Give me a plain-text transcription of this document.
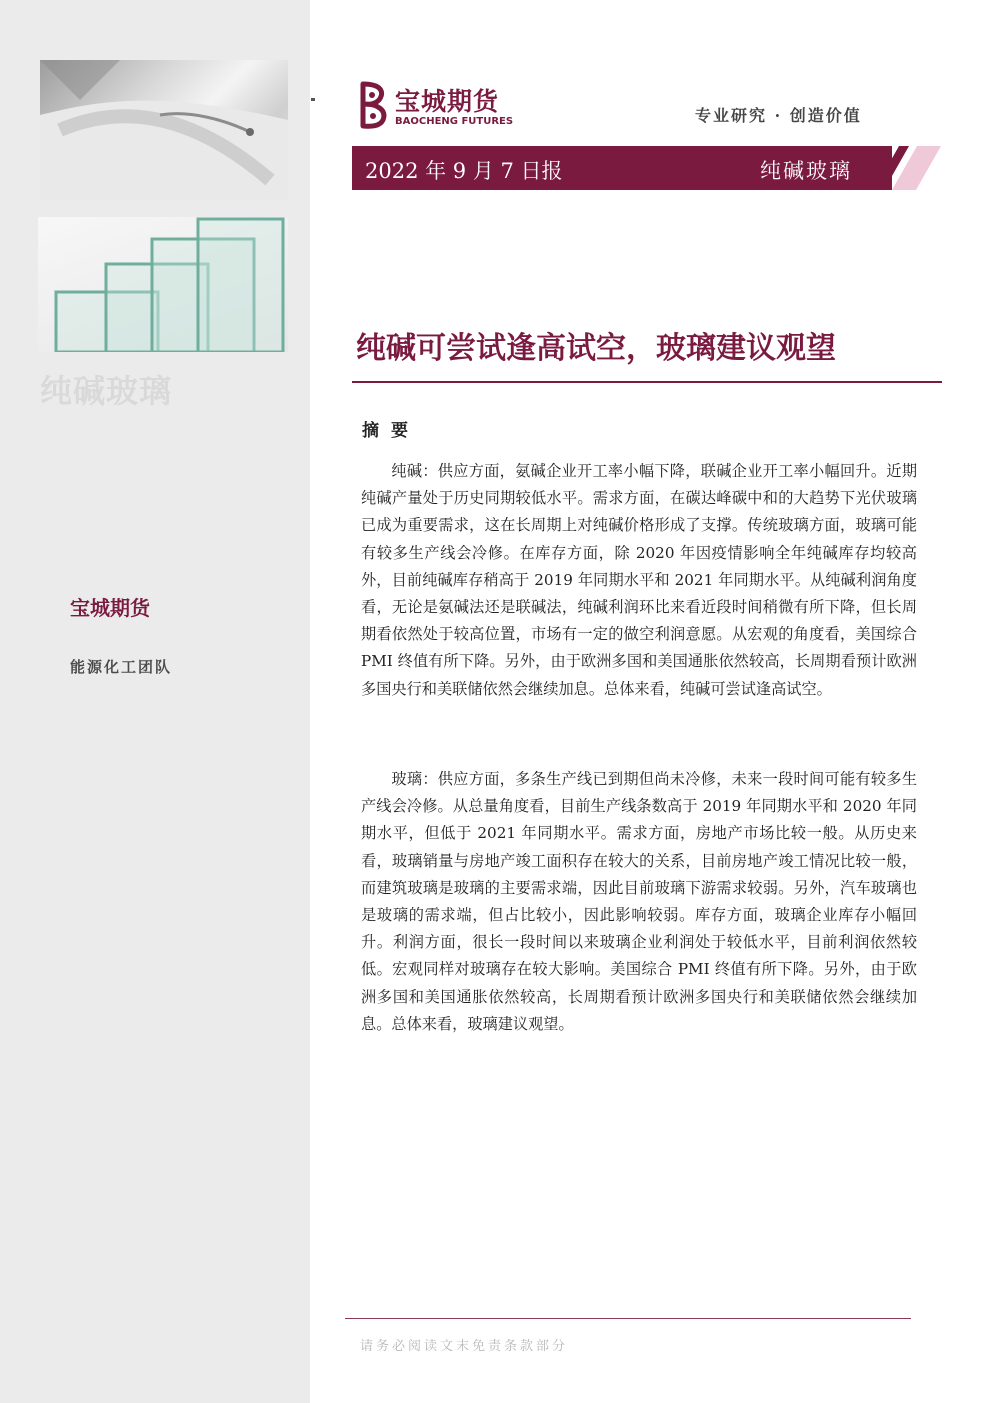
纯碱玻璃
宝城期货
能源化工团队
宝城期货
BAOCHENG FUTURES	专业研究 · 创造价值
2022 年 9 月 7 日报	纯碱玻璃
纯碱可尝试逢高试空，玻璃建议观望
摘要

纯碱：供应方面，氨碱企业开工率小幅下降，联碱企业开工率小幅回升。近期纯碱产量处于历史同期较低水平。需求方面，在碳达峰碳中和的大趋势下光伏玻璃已成为重要需求，这在长周期上对纯碱价格形成了支撑。传统玻璃方面，玻璃可能有较多生产线会冷修。在库存方面，除 2020 年因疫情影响全年纯碱库存均较高外，目前纯碱库存稍高于 2019 年同期水平和 2021 年同期水平。从纯碱利润角度看，无论是氨碱法还是联碱法，纯碱利润环比来看近段时间稍微有所下降，但长周期看依然处于较高位置，市场有一定的做空利润意愿。从宏观的角度看，美国综合 PMI 终值有所下降。另外，由于欧洲多国和美国通胀依然较高，长周期看预计欧洲多国央行和美联储依然会继续加息。总体来看，纯碱可尝试逢高试空。

玻璃：供应方面，多条生产线已到期但尚未冷修，未来一段时间可能有较多生产线会冷修。从总量角度看，目前生产线条数高于 2019 年同期水平和 2020 年同期水平，但低于 2021 年同期水平。需求方面，房地产市场比较一般。从历史来看，玻璃销量与房地产竣工面积存在较大的关系，目前房地产竣工情况比较一般，而建筑玻璃是玻璃的主要需求端，因此目前玻璃下游需求较弱。另外，汽车玻璃也是玻璃的需求端，但占比较小，因此影响较弱。库存方面，玻璃企业库存小幅回升。利润方面，很长一段时间以来玻璃企业利润处于较低水平，目前利润依然较低。宏观同样对玻璃存在较大影响。美国综合 PMI 终值有所下降。另外，由于欧洲多国和美国通胀依然较高，长周期看预计欧洲多国央行和美联储依然会继续加息。总体来看，玻璃建议观望。

请务必阅读文末免责条款部分
